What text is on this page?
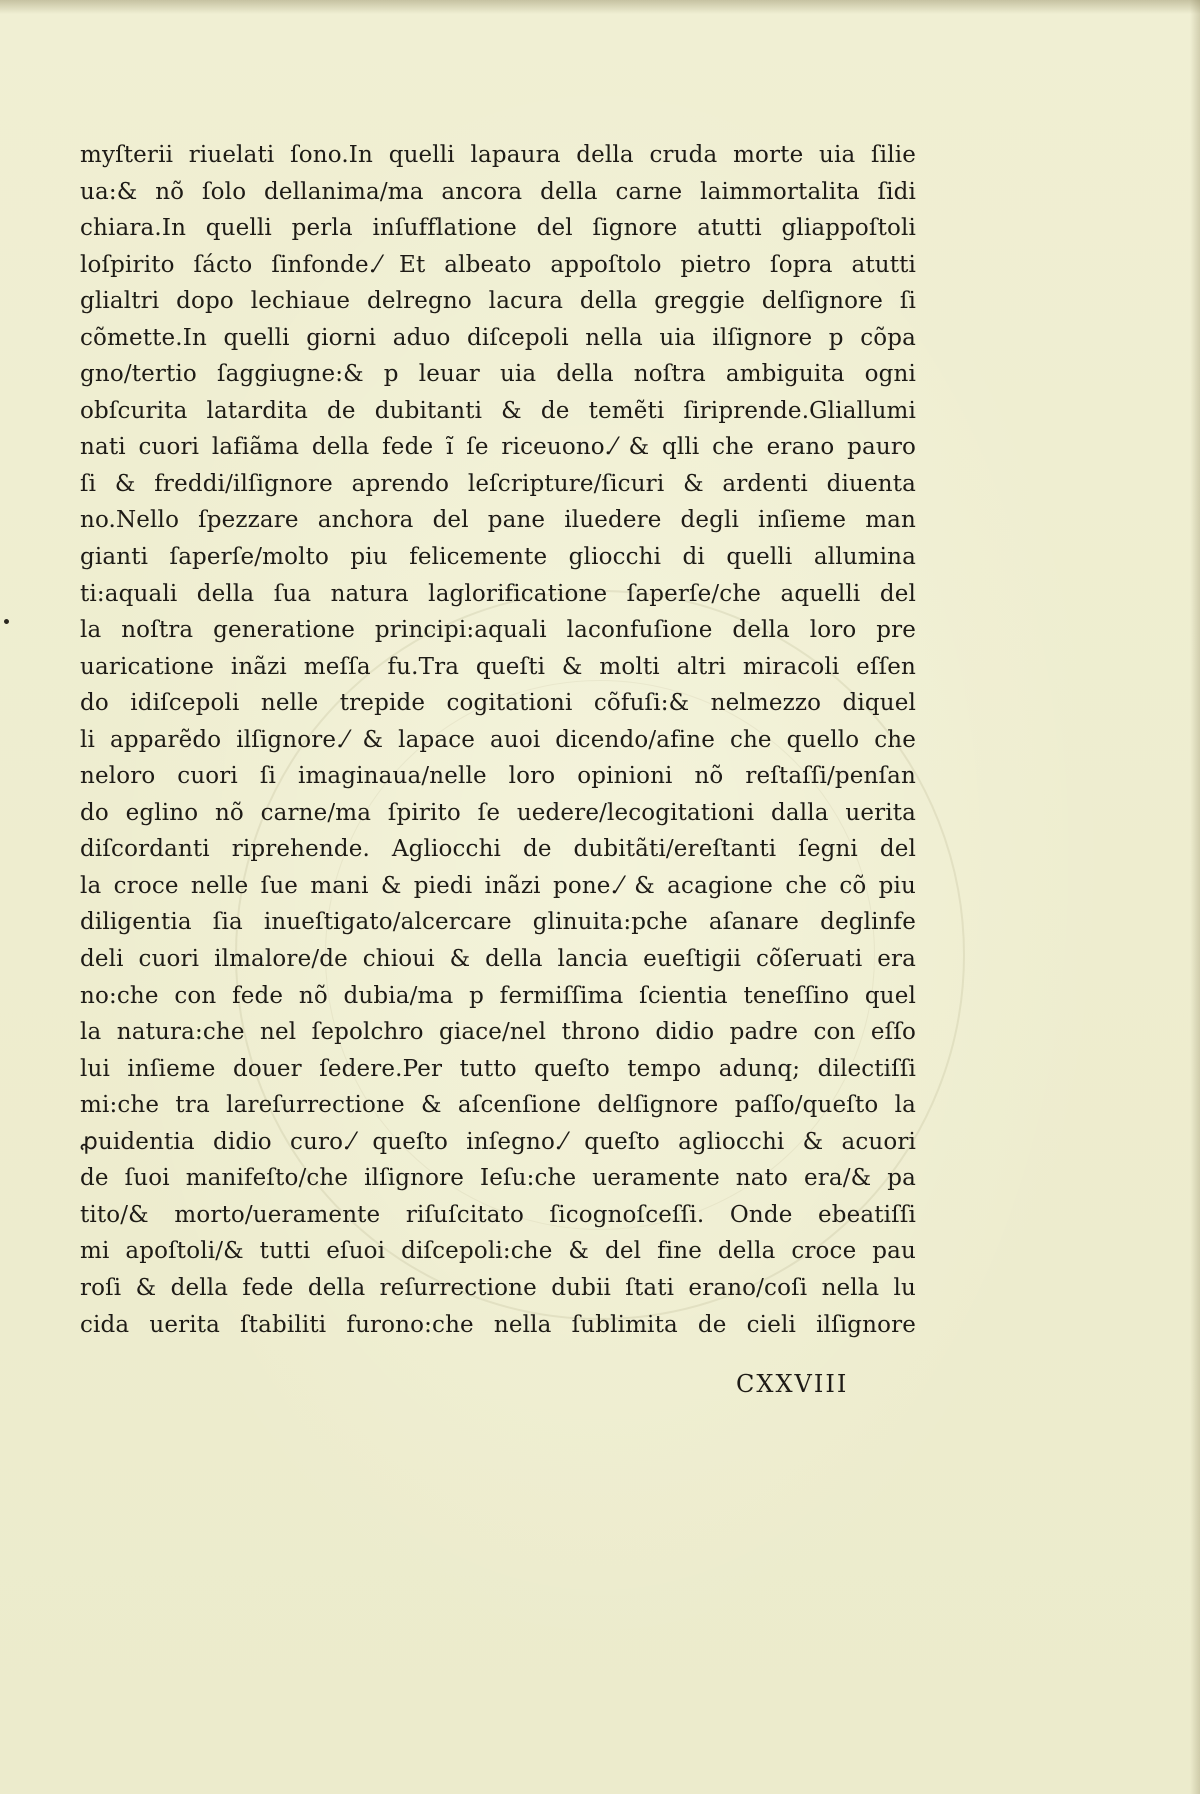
myſterii riuelati ſono.In quelli lapaura della cruda morte uia ſilie
ua:& nõ ſolo dellanima/ma ancora della carne laimmortalita ſidi
chiara.In quelli perla inſufflatione del ſignore atutti gliappoſtoli
loſpirito ſácto ſinfonde.⁄ Et albeato appoſtolo pietro ſopra atutti
glialtri dopo lechiaue delregno lacura della greggie delſignore ſi
cõmette.In quelli giorni aduo diſcepoli nella uia ilſignore p cõpa
gno/tertio ſaggiugne:& p leuar uia della noſtra ambiguita ogni
obſcurita latardita de dubitanti & de temẽti ſiriprende.Gliallumi
nati cuori lafiãma della fede ĩ ſe riceuono.⁄ & qlli che erano pauro
ſi & freddi/ilſignore aprendo leſcripture/ſicuri & ardenti diuenta
no.Nello ſpezzare anchora del pane iluedere degli inſieme man
gianti ſaperſe/molto piu felicemente gliocchi di quelli allumina
ti:aquali della ſua natura laglorificatione ſaperſe/che aquelli del
la noſtra generatione principi:aquali laconfuſione della loro pre
uaricatione inãzi meſſa fu.Tra queſti & molti altri miracoli eſſen
do idiſcepoli nelle trepide cogitationi cõfuſi:& nelmezzo diquel
li apparẽdo ilſignore.⁄ & lapace auoi dicendo/afine che quello che
neloro cuori ſi imaginaua/nelle loro opinioni nõ reſtaſſi/penſan
do eglino nõ carne/ma ſpirito ſe uedere/lecogitationi dalla uerita
diſcordanti riprehende. Agliocchi de dubitãti/ereſtanti ſegni del
la croce nelle ſue mani & piedi inãzi pone.⁄ & acagione che cõ piu
diligentia ſia inueſtigato/alcercare glinuita:pche aſanare deglinfe
deli cuori ilmalore/de chioui & della lancia eueſtigii cõſeruati era
no:che con fede nõ dubia/ma p fermiſſima ſcientia teneſſino quel
la natura:che nel ſepolchro giace/nel throno didio padre con eſſo
lui inſieme douer ſedere.Per tutto queſto tempo adunq; dilectiſſi
mi:che tra lareſurrectione & aſcenſione delſignore paſſo/queſto la
ꝓuidentia didio curo.⁄ queſto inſegno.⁄ queſto agliocchi & acuori
de ſuoi manifeſto/che ilſignore Ieſu:che ueramente nato era/& pa
tito/& morto/ueramente riſuſcitato ſicognoſceſſi. Onde ebeatiſſi
mi apoſtoli/& tutti eſuoi diſcepoli:che & del fine della croce pau
roſi & della fede della reſurrectione dubii ſtati erano/coſi nella lu
cida uerita ſtabiliti furono:che nella ſublimita de cieli ilſignore
CXXVIII
